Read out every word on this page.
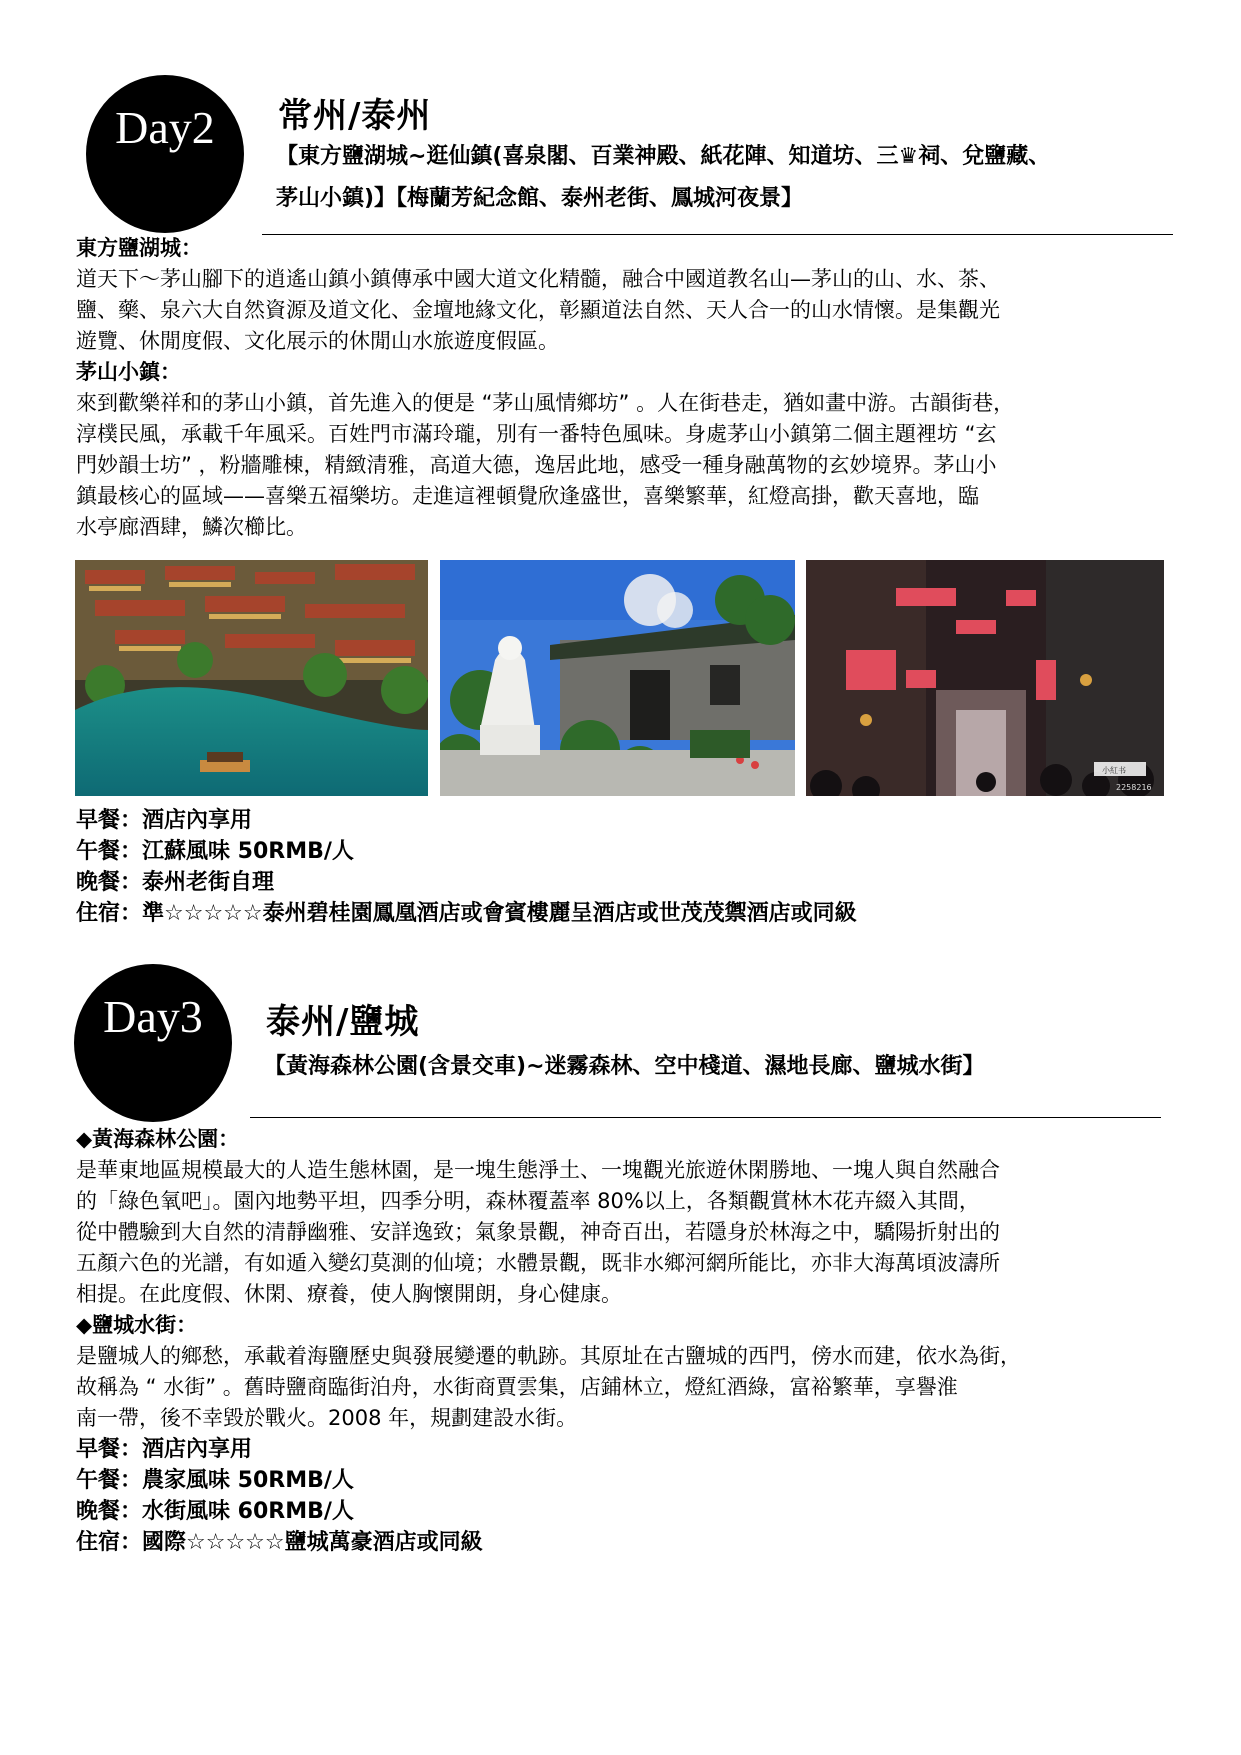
Day2 常州/泰州
【東方鹽湖城~逛仙鎮(喜泉閣、百業神殿、紙花陣、知道坊、三♛祠、兌鹽藏、
茅山小鎮)】【梅蘭芳紀念館、泰州老街、鳳城河夜景】
東方鹽湖城：
道天下～茅山腳下的逍遙山鎮小鎮傳承中國大道文化精髓，融合中國道教名山—茅山的山、水、茶、
鹽、藥、泉六大自然資源及道文化、金壇地緣文化，彰顯道法自然、天人合一的山水情懷。是集觀光
遊覽、休閒度假、文化展示的休閒山水旅遊度假區。
茅山小鎮：
來到歡樂祥和的茅山小鎮，首先進入的便是 “茅山風情鄉坊” 。人在街巷走，猶如畫中游。古韻街巷，
淳樸民風，承載千年風采。百姓門市滿玲瓏，別有一番特色風味。身處茅山小鎮第二個主題裡坊 “玄
門妙韻士坊” ，粉牆雕棟，精緻清雅，高道大德，逸居此地，感受一種身融萬物的玄妙境界。茅山小
鎮最核心的區域——喜樂五福樂坊。走進這裡頓覺欣逢盛世，喜樂繁華，紅燈高掛，歡天喜地，臨
水亭廊酒肆，鱗次櫛比。
小紅书
2258216
早餐：酒店內享用
午餐：江蘇風味 50RMB/人
晚餐：泰州老街自理
住宿：準☆☆☆☆☆泰州碧桂園鳳凰酒店或會賓樓麗呈酒店或世茂茂禦酒店或同級
Day3 泰州/鹽城
【黃海森林公園(含景交車)~迷霧森林、空中棧道、濕地長廊、鹽城水街】
◆黃海森林公園：
是華東地區規模最大的人造生態林園，是一塊生態淨土、一塊觀光旅遊休閑勝地、一塊人與自然融合
的「綠色氧吧」。園內地勢平坦，四季分明，森林覆蓋率 80%以上，各類觀賞林木花卉綴入其間，
從中體驗到大自然的清靜幽雅、安詳逸致；氣象景觀，神奇百出，若隱身於林海之中，驕陽折射出的
五顏六色的光譜，有如遁入變幻莫測的仙境；水體景觀，既非水鄉河網所能比，亦非大海萬頃波濤所
相提。在此度假、休閑、療養，使人胸懷開朗，身心健康。
◆鹽城水街：
是鹽城人的鄉愁，承載着海鹽歷史與發展變遷的軌跡。其原址在古鹽城的西門，傍水而建，依水為街，
故稱為 “ 水街” 。舊時鹽商臨街泊舟，水街商賈雲集，店鋪林立，燈紅酒綠，富裕繁華，享譽淮
南一帶，後不幸毀於戰火。2008 年，規劃建設水街。
早餐：酒店內享用
午餐：農家風味 50RMB/人
晚餐：水街風味 60RMB/人
住宿：國際☆☆☆☆☆鹽城萬豪酒店或同級
